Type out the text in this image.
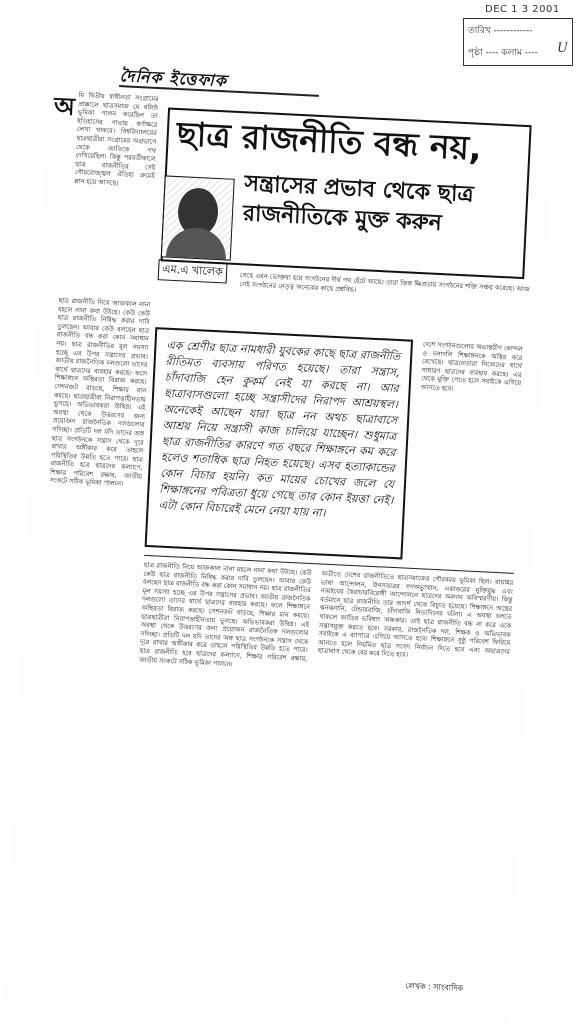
DEC 1 3 2001
তারিখ ------------
পৃষ্ঠা ---- কলাম ---- U
দৈনিক ইত্তেফাক
অ মি দ্বিতীয় স্বাধীনতা সংগ্রামের প্রাক্কালে ছাত্রসমাজ যে বলিষ্ঠ ভূমিকা পালন করেছিল তা ইতিহাসের পাতায় স্বর্ণাক্ষরে লেখা থাকবে। বিশ্ববিদ্যালয়ের ছাত্রছাত্রীরা সংগ্রামের অগ্রভাগে থেকে জাতিকে পথ দেখিয়েছিল। কিন্তু পরবর্তীকালে ছাত্র রাজনীতির সেই গৌরবোজ্জ্বল ঐতিহ্য ক্রমেই ম্লান হয়ে আসছে।
ছাত্র রাজনীতি বন্ধ নয়,
সন্ত্রাসের প্রভাব থেকে ছাত্র রাজনীতিকে মুক্ত করুন
এম.এ খালেক
গেছে এমন ভোক্তব্য হয়ে সংগঠনের দীর্ঘ পথ হেঁটে আছে। তারা জিঙ্গ ক্ষিপ্রতায় সংগঠনের শক্তি সঞ্চয় করেছে। আজ সেই সংগঠনের নেতৃত্ব অনেকের কাছে প্রশ্নবিদ্ধ।
ছাত্র রাজনীতি নিয়ে আজকাল নানা মহলে নানা কথা উঠছে। কেউ কেউ ছাত্র রাজনীতি নিষিদ্ধ করার দাবি তুলছেন। আবার কেউ বলছেন ছাত্র রাজনীতি বন্ধ করা কোন সমাধান নয়। ছাত্র রাজনীতির মূল সমস্যা হচ্ছে এর উপর সন্ত্রাসের প্রভাব। জাতীয় রাজনৈতিক দলগুলো তাদের স্বার্থে ছাত্রদের ব্যবহার করছে। ফলে শিক্ষাঙ্গনে অস্থিরতা বিরাজ করছে। সেশনজট বাড়ছে, শিক্ষার মান কমছে। ছাত্রছাত্রীরা নিরাপত্তাহীনতায় ভুগছে। অভিভাবকরা উদ্বিগ্ন। এই অবস্থা থেকে উত্তরণের জন্য প্রয়োজন রাজনৈতিক দলগুলোর সদিচ্ছা। প্রতিটি দল যদি তাদের অঙ্গ ছাত্র সংগঠনকে সন্ত্রাস থেকে দূরে রাখার অঙ্গীকার করে তাহলে পরিস্থিতির উন্নতি হতে পারে। ছাত্র রাজনীতি হবে ছাত্রদের কল্যাণে, শিক্ষার পরিবেশ রক্ষায়, জাতীয় সংকটে সঠিক ভূমিকা পালনে।
এক শ্রেণীর ছাত্র নামধারী যুবকের কাছে ছাত্র রাজনীতি রীতিমত ব্যবসায় পরিণত হয়েছে। তারা সন্ত্রাস, চাঁদাবাজি হেন কুকর্ম নেই যা করছে না। আর ছাত্রাবাসগুলো হচ্ছে সন্ত্রাসীদের নিরাপদ আশ্রয়স্থল। অনেকেই আছেন যারা ছাত্র নন অথচ ছাত্রাবাসে আশ্রয় নিয়ে সন্ত্রাসী কাজ চালিয়ে যাচ্ছেন। শুধুমাত্র ছাত্র রাজনীতির কারণে গত বছরে শিক্ষাঙ্গনে কম করে হলেও শতাধিক ছাত্র নিহত হয়েছে। এসব হত্যাকান্ডের কোন বিচার হয়নি। কত মায়ের চোখের জলে যে শিক্ষাঙ্গনের পবিত্রতা ধুয়ে গেছে তার কোন ইয়ত্তা নেই। এটা কোন বিচারেই মেনে নেয়া যায় না।
দেশে সংগঠনগুলোর অভ্যন্তরীণ কোন্দল ও দলাদলি শিক্ষাঙ্গনকে অস্থির করে রেখেছে। ছাত্রনেতারা নিজেদের স্বার্থে সাধারণ ছাত্রদের ব্যবহার করছে। এর থেকে মুক্তি পেতে হলে সবাইকে এগিয়ে আসতে হবে।
ছাত্র রাজনীতি নিয়ে আজকাল নানা মহলে নানা কথা উঠছে। কেউ কেউ ছাত্র রাজনীতি নিষিদ্ধ করার দাবি তুলছেন। আবার কেউ বলছেন ছাত্র রাজনীতি বন্ধ করা কোন সমাধান নয়। ছাত্র রাজনীতির মূল সমস্যা হচ্ছে এর উপর সন্ত্রাসের প্রভাব। জাতীয় রাজনৈতিক দলগুলো তাদের স্বার্থে ছাত্রদের ব্যবহার করছে। ফলে শিক্ষাঙ্গনে অস্থিরতা বিরাজ করছে। সেশনজট বাড়ছে, শিক্ষার মান কমছে। ছাত্রছাত্রীরা নিরাপত্তাহীনতায় ভুগছে। অভিভাবকরা উদ্বিগ্ন। এই অবস্থা থেকে উত্তরণের জন্য প্রয়োজন রাজনৈতিক দলগুলোর সদিচ্ছা। প্রতিটি দল যদি তাদের অঙ্গ ছাত্র সংগঠনকে সন্ত্রাস থেকে দূরে রাখার অঙ্গীকার করে তাহলে পরিস্থিতির উন্নতি হতে পারে। ছাত্র রাজনীতি হবে ছাত্রদের কল্যাণে, শিক্ষার পরিবেশ রক্ষায়, জাতীয় সংকটে সঠিক ভূমিকা পালনে।
অতীতে দেশের রাজনীতিতে ছাত্রসমাজের গৌরবময় ভূমিকা ছিল। বায়ান্নর ভাষা আন্দোলন, উনসত্তরের গণঅভ্যুত্থান, একাত্তরের মুক্তিযুদ্ধ এবং নব্বইয়ের স্বৈরাচারবিরোধী আন্দোলনে ছাত্রদের অবদান অবিস্মরণীয়। কিন্তু বর্তমানে ছাত্র রাজনীতি তার আদর্শ থেকে বিচ্যুত হয়েছে। শিক্ষাঙ্গনে অস্ত্রের ঝনঝনানি, টেন্ডারবাজি, চাঁদাবাজি নিত্যদিনের ঘটনা। এ অবস্থা চলতে থাকলে জাতির ভবিষ্যৎ অন্ধকার। তাই ছাত্র রাজনীতি বন্ধ না করে একে সন্ত্রাসমুক্ত করতে হবে। সরকার, রাজনৈতিক দল, শিক্ষক ও অভিভাবক সবাইকে এ ব্যাপারে এগিয়ে আসতে হবে। শিক্ষাঙ্গনে সুষ্ঠু পরিবেশ ফিরিয়ে আনতে হলে নিয়মিত ছাত্র সংসদ নির্বাচন দিতে হবে এবং অছাত্রদের ছাত্রাবাস থেকে বের করে দিতে হবে।
লেখক : সাংবাদিক
